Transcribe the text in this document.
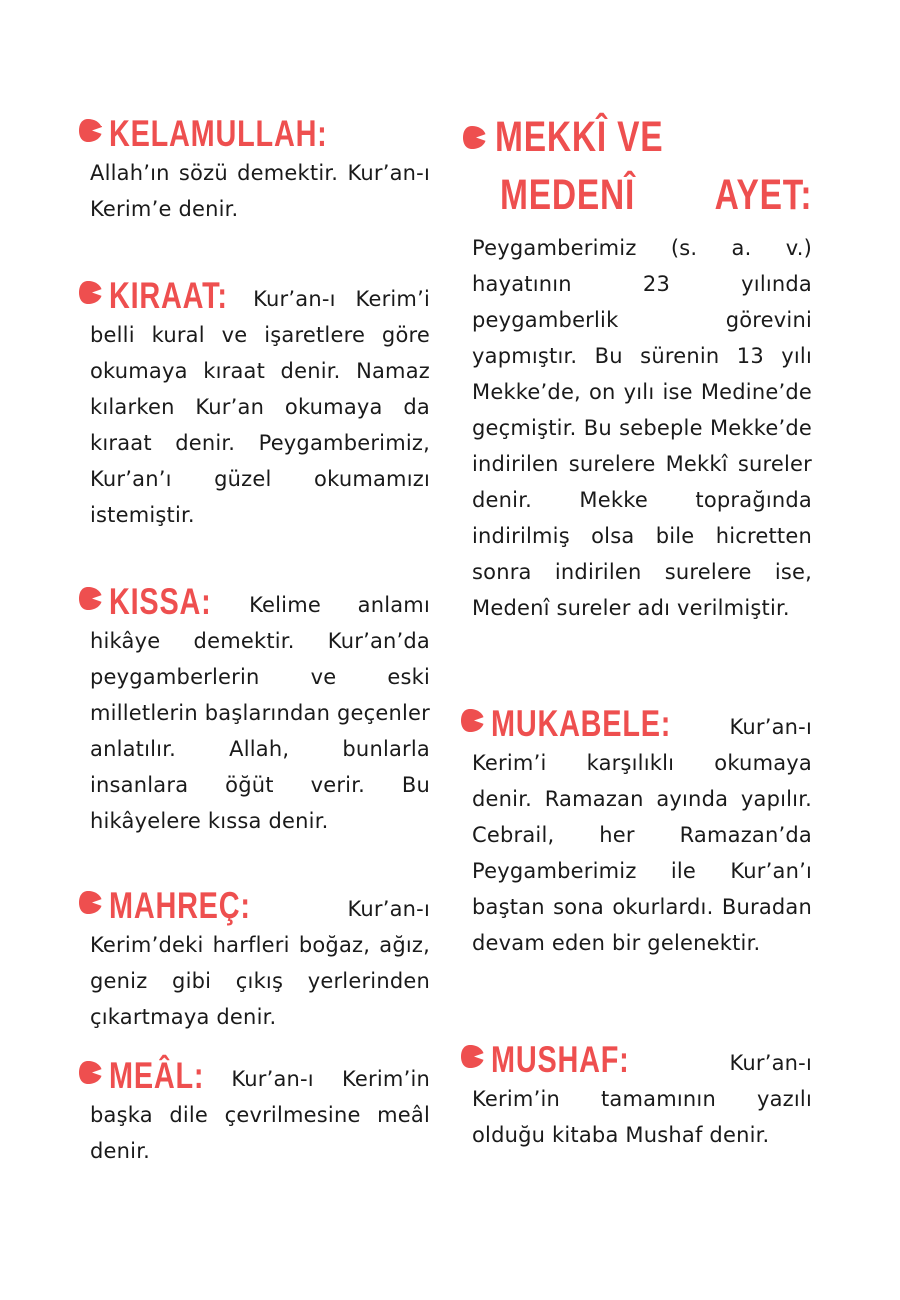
KELAMULLAH: Allah’ın sözü demektir. Kur’an-ı Kerim’e denir.

KIRAAT: Kur’an-ı Kerim’i belli kural ve işaretlere göre okumaya kıraat denir. Namaz kılarken Kur’an okumaya da kıraat denir. Peygamberimiz, Kur’an’ı güzel okumamızı istemiştir.

KISSA: Kelime anlamı hikâye demektir. Kur’an’da peygamberlerin ve eski milletlerin başlarından geçenler anlatılır. Allah, bunlarla insanlara öğüt verir. Bu hikâyelere kıssa denir.

MAHREÇ:	Kur’an-ı Kerim’deki harfleri boğaz, ağız, geniz gibi çıkış yerlerinden çıkartmaya denir.

MEÂL: Kur’an-ı Kerim’in başka dile çevrilmesine meâl denir.

MEKKÎ VE
MEDENÎ AYET:

Peygamberimiz (s. a. v.) hayatının 23 yılında peygamberlik görevini yapmıştır. Bu sürenin 13 yılı Mekke’de, on yılı ise Medine’de geçmiştir. Bu sebeple Mekke’de indirilen surelere Mekkî sureler denir. Mekke toprağında indirilmiş olsa bile hicretten sonra indirilen surelere ise, Medenî sureler adı verilmiştir.

MUKABELE:	Kur’an-ı Kerim’i karşılıklı okumaya denir. Ramazan ayında yapılır. Cebrail, her Ramazan’da Peygamberimiz ile Kur’an’ı baştan sona okurlardı. Buradan devam eden bir gelenektir.

MUSHAF:	Kur’an-ı Kerim’in tamamının yazılı olduğu kitaba Mushaf denir.
